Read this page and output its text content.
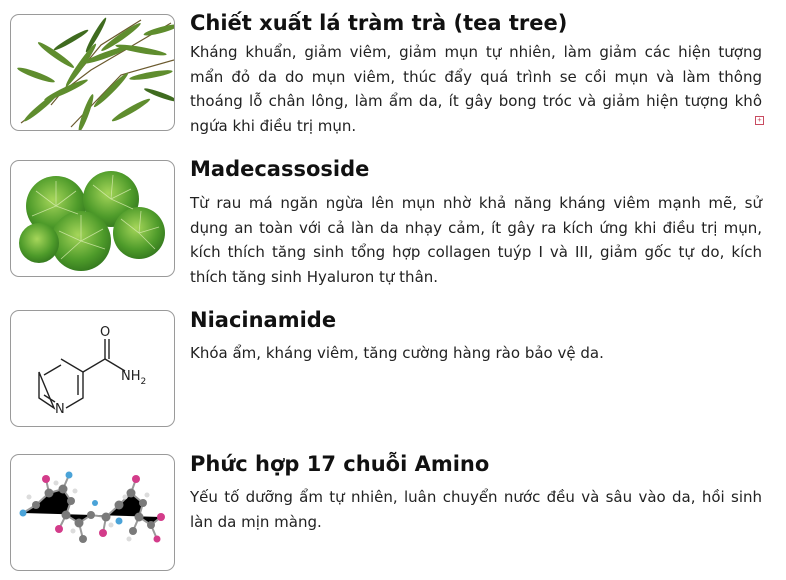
Chiết xuất lá tràm trà (tea tree)

Kháng khuẩn, giảm viêm, giảm mụn tự nhiên, làm giảm các hiện tượng mẩn đỏ da do mụn viêm, thúc đẩy quá trình se cồi mụn và làm thông thoáng lỗ chân lông, làm ẩm da, ít gây bong tróc và giảm hiện tượng khô ngứa khi điều trị mụn.	+
Madecassoside

Từ rau má ngăn ngừa lên mụn nhờ khả năng kháng viêm mạnh mẽ, sử dụng an toàn với cả làn da nhạy cảm, ít gây ra kích ứng khi điều trị mụn, kích thích tăng sinh tổng hợp collagen tuýp I và III, giảm gốc tự do, kích thích tăng sinh Hyaluron tự thân.

O
$NH_2$
N
Niacinamide

Khóa ẩm, kháng viêm, tăng cường hàng rào bảo vệ da.

Phức hợp 17 chuỗi Amino

Yếu tố dưỡng ẩm tự nhiên, luân chuyển nước đều và sâu vào da, hồi sinh làn da mịn màng.
